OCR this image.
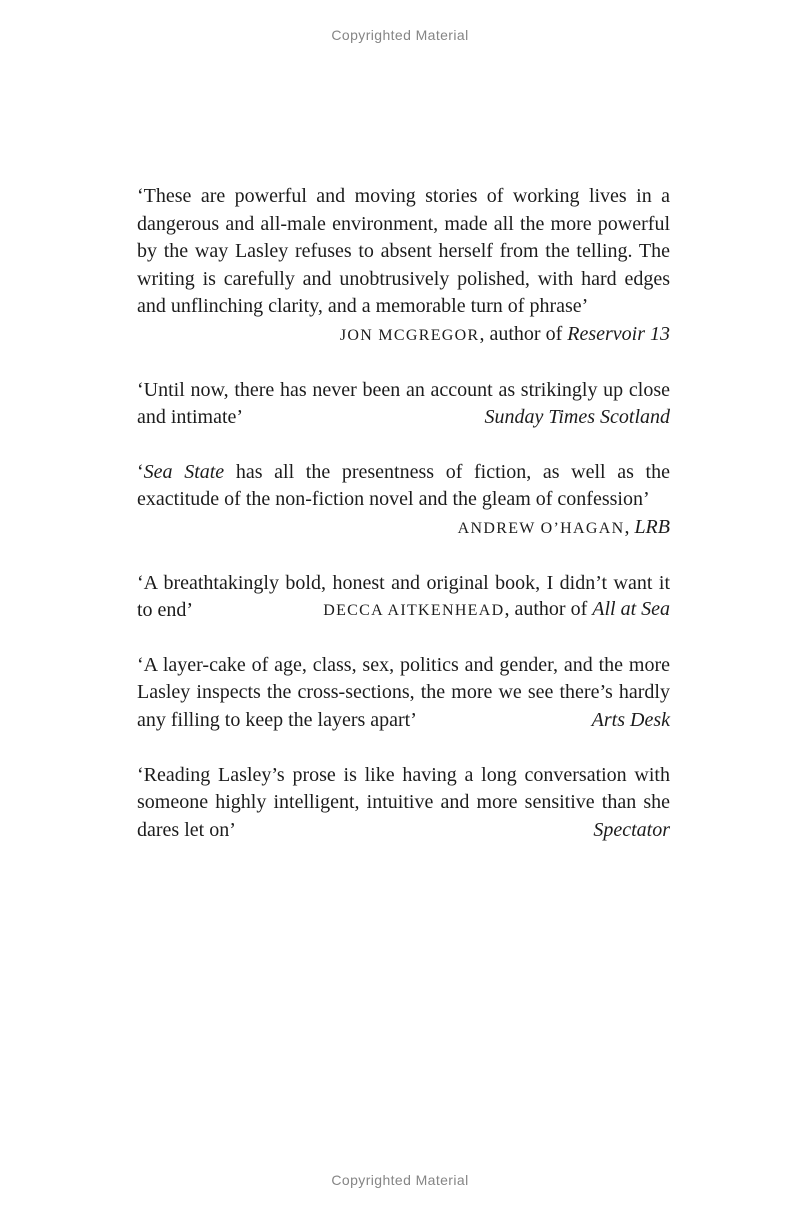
Copyrighted Material

‘These are powerful and moving stories of working lives in a dangerous and all-male environment, made all the more powerful by the way Lasley refuses to absent herself from the telling. The writing is carefully and unobtrusively polished, with hard edges and unflinching clarity, and a memorable turn of phrase’
JON MCGREGOR, author of Reservoir 13

‘Until now, there has never been an account as strikingly up close and intimate’	Sunday Times Scotland

‘Sea State has all the presentness of fiction, as well as the exactitude of the non-fiction novel and the gleam of confession’
ANDREW O’HAGAN, LRB

‘A breathtakingly bold, honest and original book, I didn’t want it to end’	DECCA AITKENHEAD, author of All at Sea

‘A layer-cake of age, class, sex, politics and gender, and the more Lasley inspects the cross-sections, the more we see there’s hardly any filling to keep the layers apart’	Arts Desk

‘Reading Lasley’s prose is like having a long conversation with someone highly intelligent, intuitive and more sensitive than she dares let on’	Spectator

Copyrighted Material
